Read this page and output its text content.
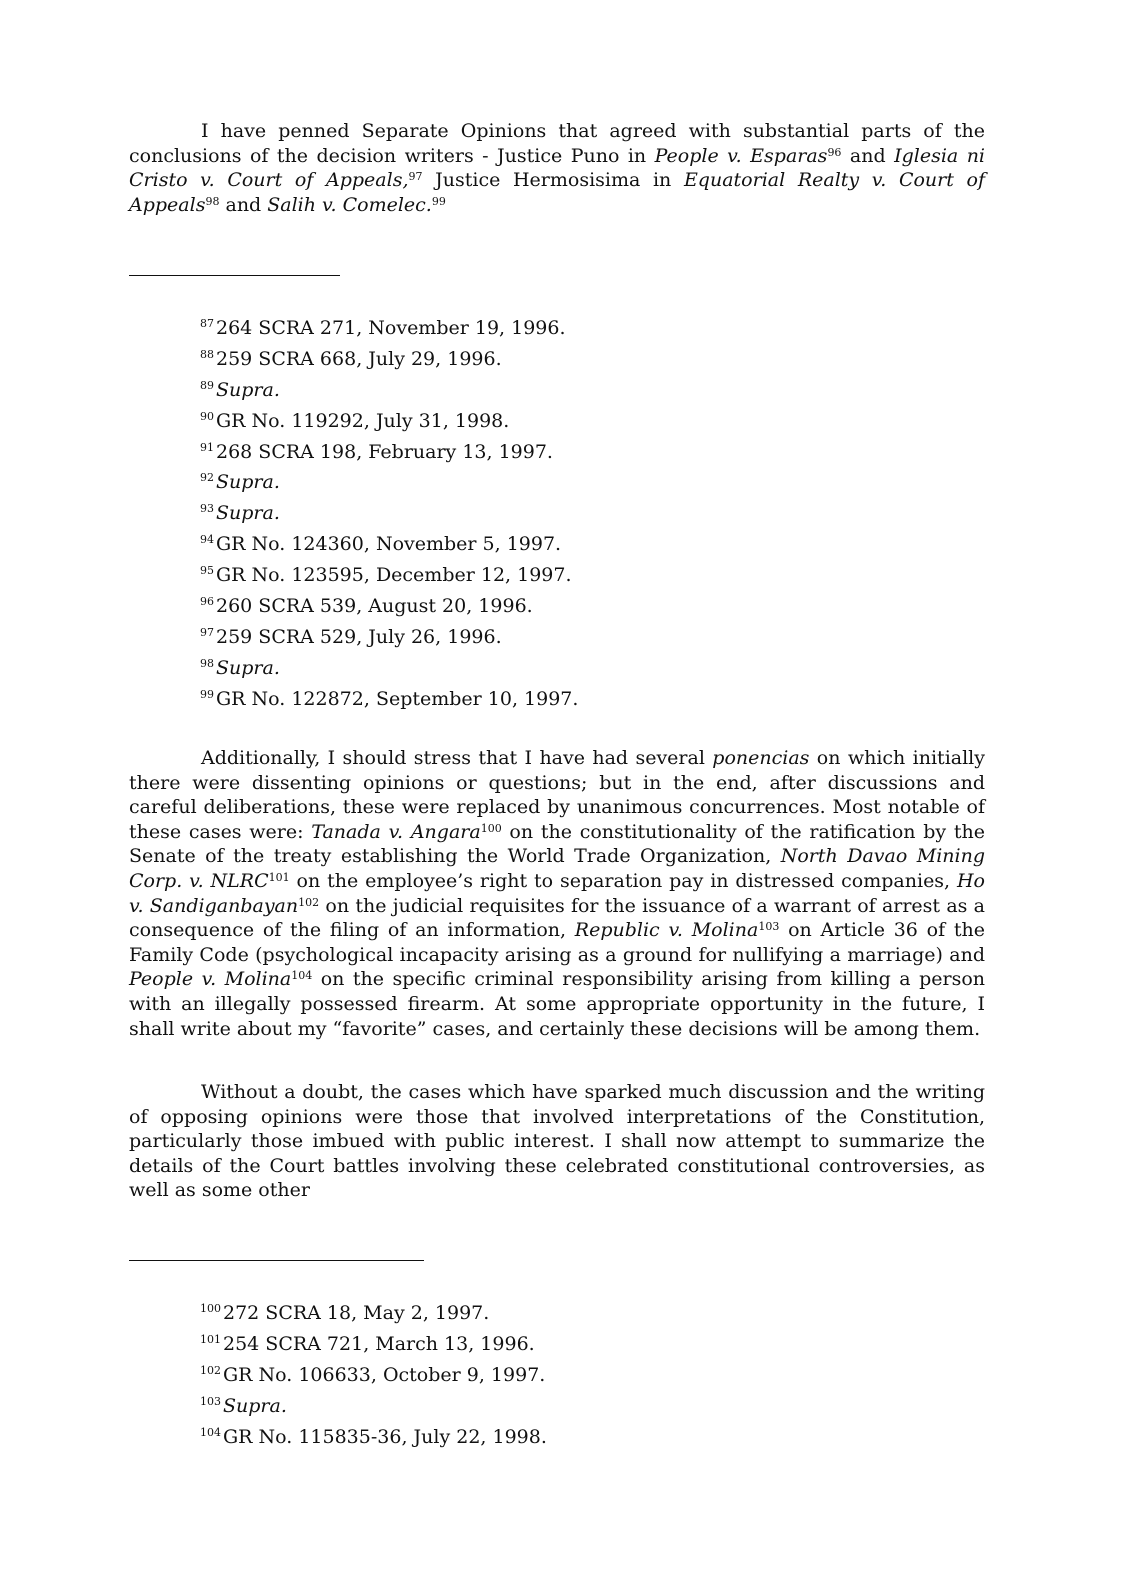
I have penned Separate Opinions that agreed with substantial parts of the conclusions of the decision writers - Justice Puno in People v. Esparas$^{96}$ and Iglesia ni Cristo v. Court of Appeals,$^{97}$ Justice Hermosisima in Equatorial Realty v. Court of Appeals$^{98}$ and Salih v. Comelec.$^{99}$

$^{87}$ 264 SCRA 271, November 19, 1996.
$^{88}$ 259 SCRA 668, July 29, 1996.
$^{89}$ Supra.
$^{90}$ GR No. 119292, July 31, 1998.
$^{91}$ 268 SCRA 198, February 13, 1997.
$^{92}$ Supra.
$^{93}$ Supra.
$^{94}$ GR No. 124360, November 5, 1997.
$^{95}$ GR No. 123595, December 12, 1997.
$^{96}$ 260 SCRA 539, August 20, 1996.
$^{97}$ 259 SCRA 529, July 26, 1996.
$^{98}$ Supra.
$^{99}$ GR No. 122872, September 10, 1997.

Additionally, I should stress that I have had several ponencias on which initially there were dissenting opinions or questions; but in the end, after discussions and careful deliberations, these were replaced by unanimous concurrences. Most notable of these cases were: Tanada v. Angara$^{100}$ on the constitutionality of the ratification by the Senate of the treaty establishing the World Trade Organization, North Davao Mining Corp. v. NLRC$^{101}$ on the employee’s right to separation pay in distressed companies, Ho v. Sandiganbayan$^{102}$ on the judicial requisites for the issuance of a warrant of arrest as a consequence of the filing of an information, Republic v. Molina$^{103}$ on Article 36 of the Family Code (psychological incapacity arising as a ground for nullifying a marriage) and People v. Molina$^{104}$ on the specific criminal responsibility arising from killing a person with an illegally possessed firearm. At some appropriate opportunity in the future, I shall write about my “favorite” cases, and certainly these decisions will be among them.

Without a doubt, the cases which have sparked much discussion and the writing of opposing opinions were those that involved interpretations of the Constitution, particularly those imbued with public interest. I shall now attempt to summarize the details of the Court battles involving these celebrated constitutional controversies, as well as some other

$^{100}$ 272 SCRA 18, May 2, 1997.
$^{101}$ 254 SCRA 721, March 13, 1996.
$^{102}$ GR No. 106633, October 9, 1997.
$^{103}$ Supra.
$^{104}$ GR No. 115835-36, July 22, 1998.
